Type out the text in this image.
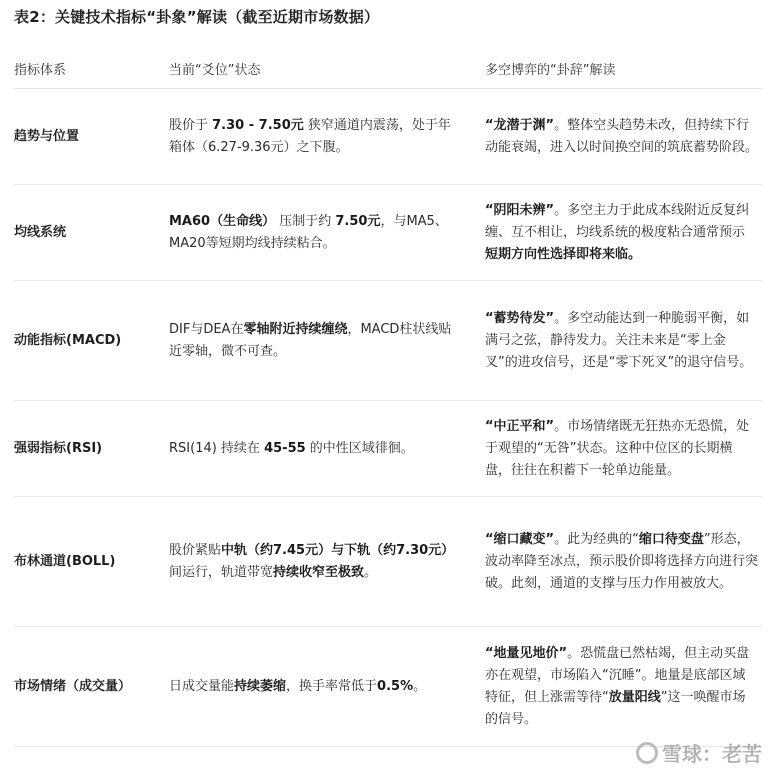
表2：关键技术指标“卦象”解读（截至近期市场数据）
指标体系	当前“爻位”状态	多空博弈的“卦辞”解读
趋势与位置	股价于 7.30 - 7.50元 狭窄通道内震荡，处于年箱体（6.27-9.36元）之下腹。	“龙潜于渊”。整体空头趋势未改，但持续下行动能衰竭，进入以时间换空间的筑底蓄势阶段。
均线系统	MA60（生命线） 压制于约 7.50元，与MA5、MA20等短期均线持续粘合。	“阴阳未辨”。多空主力于此成本线附近反复纠缠、互不相让，均线系统的极度粘合通常预示短期方向性选择即将来临。
动能指标(MACD)	DIF与DEA在零轴附近持续缠绕，MACD柱状线贴近零轴，微不可查。	“蓄势待发”。多空动能达到一种脆弱平衡，如满弓之弦，静待发力。关注未来是“零上金叉”的进攻信号，还是“零下死叉”的退守信号。
强弱指标(RSI)	RSI(14) 持续在 45-55 的中性区域徘徊。	“中正平和”。市场情绪既无狂热亦无恐慌，处于观望的“无咎”状态。这种中位区的长期横盘，往往在积蓄下一轮单边能量。
布林通道(BOLL)	股价紧贴中轨（约7.45元）与下轨（约7.30元）间运行，轨道带宽持续收窄至极致。	“缩口藏变”。此为经典的“缩口待变盘”形态，波动率降至冰点，预示股价即将选择方向进行突破。此刻，通道的支撑与压力作用被放大。
市场情绪（成交量）	日成交量能持续萎缩，换手率常低于0.5%。	“地量见地价”。恐慌盘已然枯竭，但主动买盘亦在观望，市场陷入“沉睡”。地量是底部区域特征，但上涨需等待“放量阳线”这一唤醒市场的信号。
雪球：老苦
